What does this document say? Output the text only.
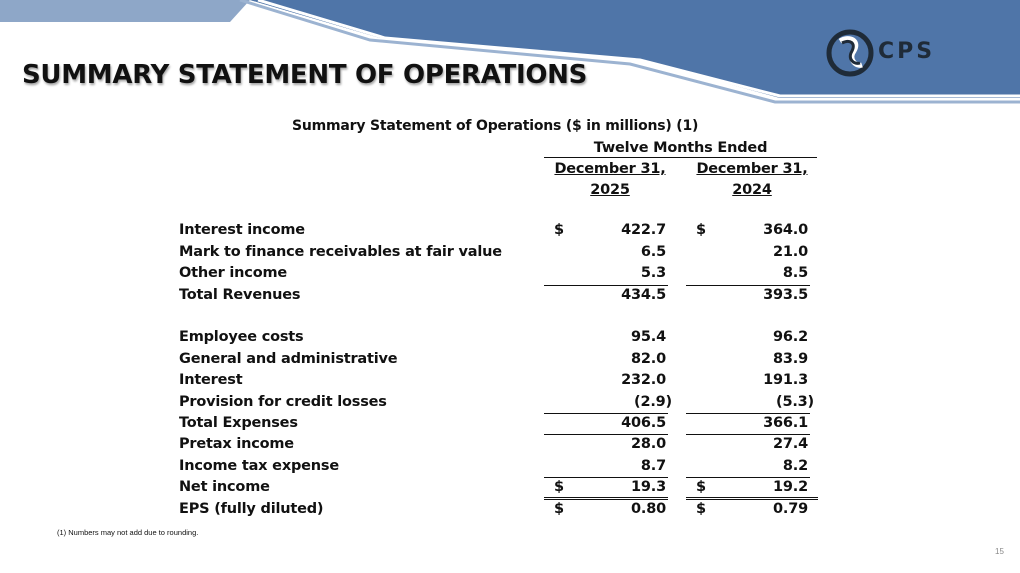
SUMMARY STATEMENT OF OPERATIONS
CPS
Summary Statement of Operations ($ in millions) (1)
Twelve Months Ended
December 31,
2025
December 31,
2024
Interest income	$	422.7 $	364.0
Mark to finance receivables at fair value	6.5	21.0
Other income	5.3	8.5
Total Revenues	434.5	393.5
Employee costs	95.4	96.2
General and administrative	82.0	83.9
Interest	232.0	191.3
Provision for credit losses	(2.9)	(5.3)
Total Expenses	406.5	366.1
Pretax income	28.0	27.4
Income tax expense	8.7	8.2
Net income	$	19.3 $	19.2
EPS (fully diluted)	$	0.80 $	0.79
(1) Numbers may not add due to rounding.
15
